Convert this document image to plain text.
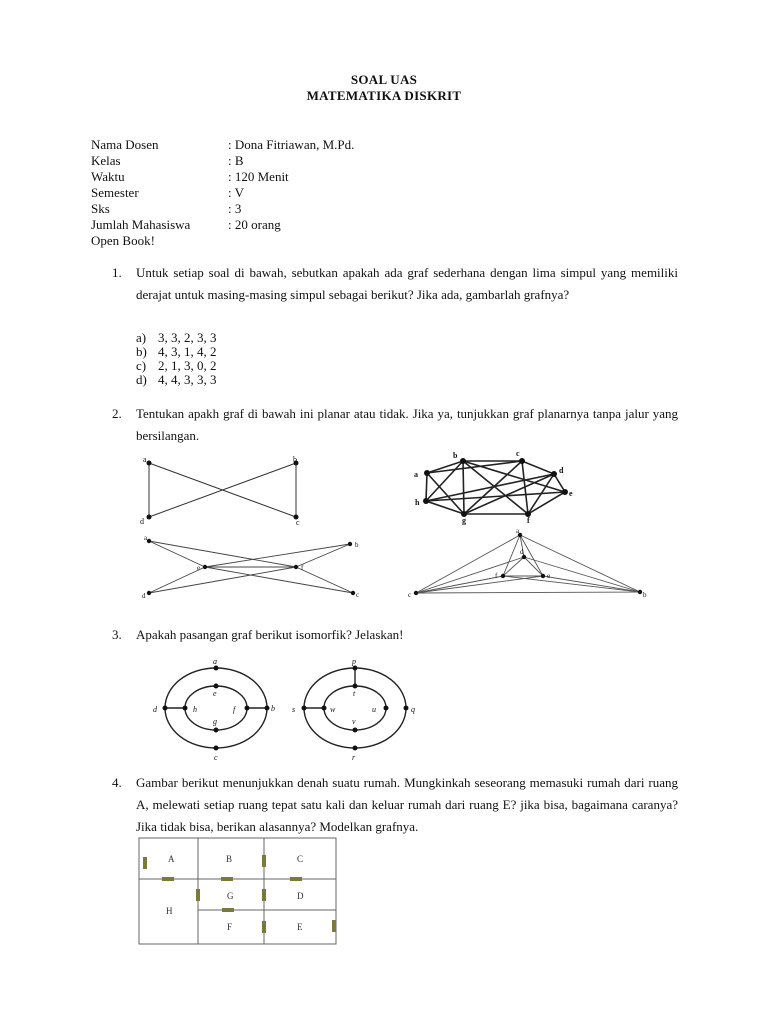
SOAL UAS
MATEMATIKA DISKRIT
Nama Dosen	: Dona Fitriawan, M.Pd.
Kelas	: B
Waktu	: 120 Menit
Semester	: V
Sks	: 3
Jumlah Mahasiswa	: 20 orang
Open Book!
1. Untuk setiap soal di bawah, sebutkan apakah ada graf sederhana dengan lima simpul yang memiliki derajat untuk masing-masing simpul sebagai berikut? Jika ada, gambarlah grafnya?
a) 3, 3, 2, 3, 3
b) 4, 3, 1, 4, 2
c) 2, 1, 3, 0, 2
d) 4, 4, 3, 3, 3
2. Tentukan apakh graf di bawah ini planar atau tidak. Jika ya, tunjukkan graf planarnya tanpa jalur yang bersilangan.
a	b
c
d
a
b	c
d
e
f
g
h
a
b
c
d
e	f
a
b
c
d
e
f
3. Apakah pasangan graf berikut isomorfik? Jelaskan!
a
b
c
d
e
f
g
h
p
q
r
s
t
u
v
w
4. Gambar berikut menunjukkan denah suatu rumah. Mungkinkah seseorang memasuki rumah dari ruang A, melewati setiap ruang tepat satu kali dan keluar rumah dari ruang E? jika bisa, bagaimana caranya? Jika tidak bisa, berikan alasannya? Modelkan grafnya.
A	B	C
D
E
F
G
H
